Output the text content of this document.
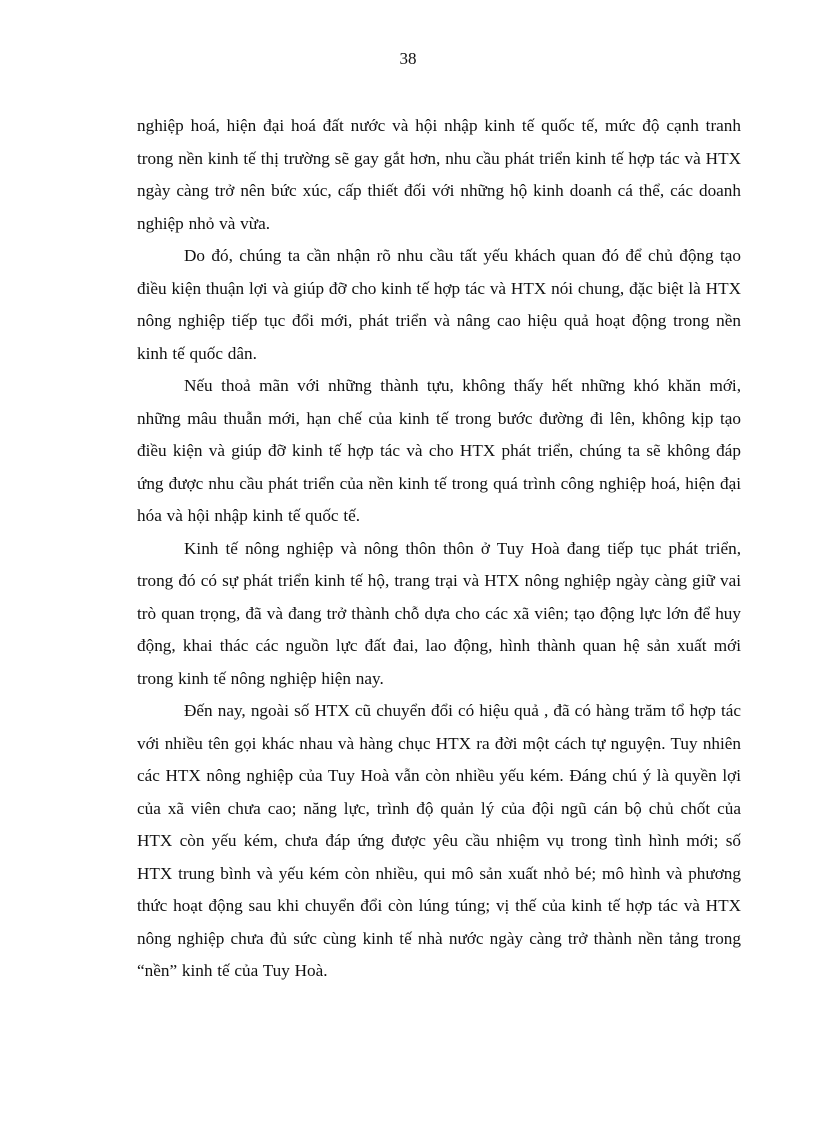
38

nghiệp hoá, hiện đại hoá đất nước và hội nhập kinh tế quốc tế, mức độ cạnh tranh trong nền kinh tế thị trường sẽ gay gắt hơn, nhu cầu phát triển kinh tế hợp tác và HTX ngày càng trở nên bức xúc, cấp thiết đối với những hộ kinh doanh cá thể, các doanh nghiệp nhỏ và vừa.

Do đó, chúng ta cần nhận rõ nhu cầu tất yếu khách quan đó để chủ động tạo điều kiện thuận lợi và giúp đỡ cho kinh tế hợp tác và HTX nói chung, đặc biệt là HTX nông nghiệp tiếp tục đổi mới, phát triển và nâng cao hiệu quả hoạt động trong nền kinh tế quốc dân.

Nếu thoả mãn với những thành tựu, không thấy hết những khó khăn mới, những mâu thuẫn mới, hạn chế của kinh tế trong bước đường đi lên, không kịp tạo điều kiện và giúp đỡ kinh tế hợp tác và cho HTX phát triển, chúng ta sẽ không đáp ứng được nhu cầu phát triển của nền kinh tế trong quá trình công nghiệp hoá, hiện đại hóa và hội nhập kinh tế quốc tế.

Kinh tế nông nghiệp và nông thôn thôn ở Tuy Hoà đang tiếp tục phát triển, trong đó có sự phát triển kinh tế hộ, trang trại và HTX nông nghiệp ngày càng giữ vai trò quan trọng, đã và đang trở thành chỗ dựa cho các xã viên; tạo động lực lớn để huy động, khai thác các nguồn lực đất đai, lao động, hình thành quan hệ sản xuất mới trong kinh tế nông nghiệp hiện nay.

Đến nay, ngoài số HTX cũ chuyển đổi có hiệu quả , đã có hàng trăm tổ hợp tác với nhiều tên gọi khác nhau và hàng chục HTX ra đời một cách tự nguyện. Tuy nhiên các HTX nông nghiệp của Tuy Hoà vẫn còn nhiều yếu kém. Đáng chú ý là quyền lợi của xã viên chưa cao; năng lực, trình độ quản lý của đội ngũ cán bộ chủ chốt của HTX còn yếu kém, chưa đáp ứng được yêu cầu nhiệm vụ trong tình hình mới; số HTX trung bình và yếu kém còn nhiều, qui mô sản xuất nhỏ bé; mô hình và phương thức hoạt động sau khi chuyển đổi còn lúng túng; vị thế của kinh tế hợp tác và HTX nông nghiệp chưa đủ sức cùng kinh tế nhà nước ngày càng trở thành nền tảng trong “nền” kinh tế của Tuy Hoà.
